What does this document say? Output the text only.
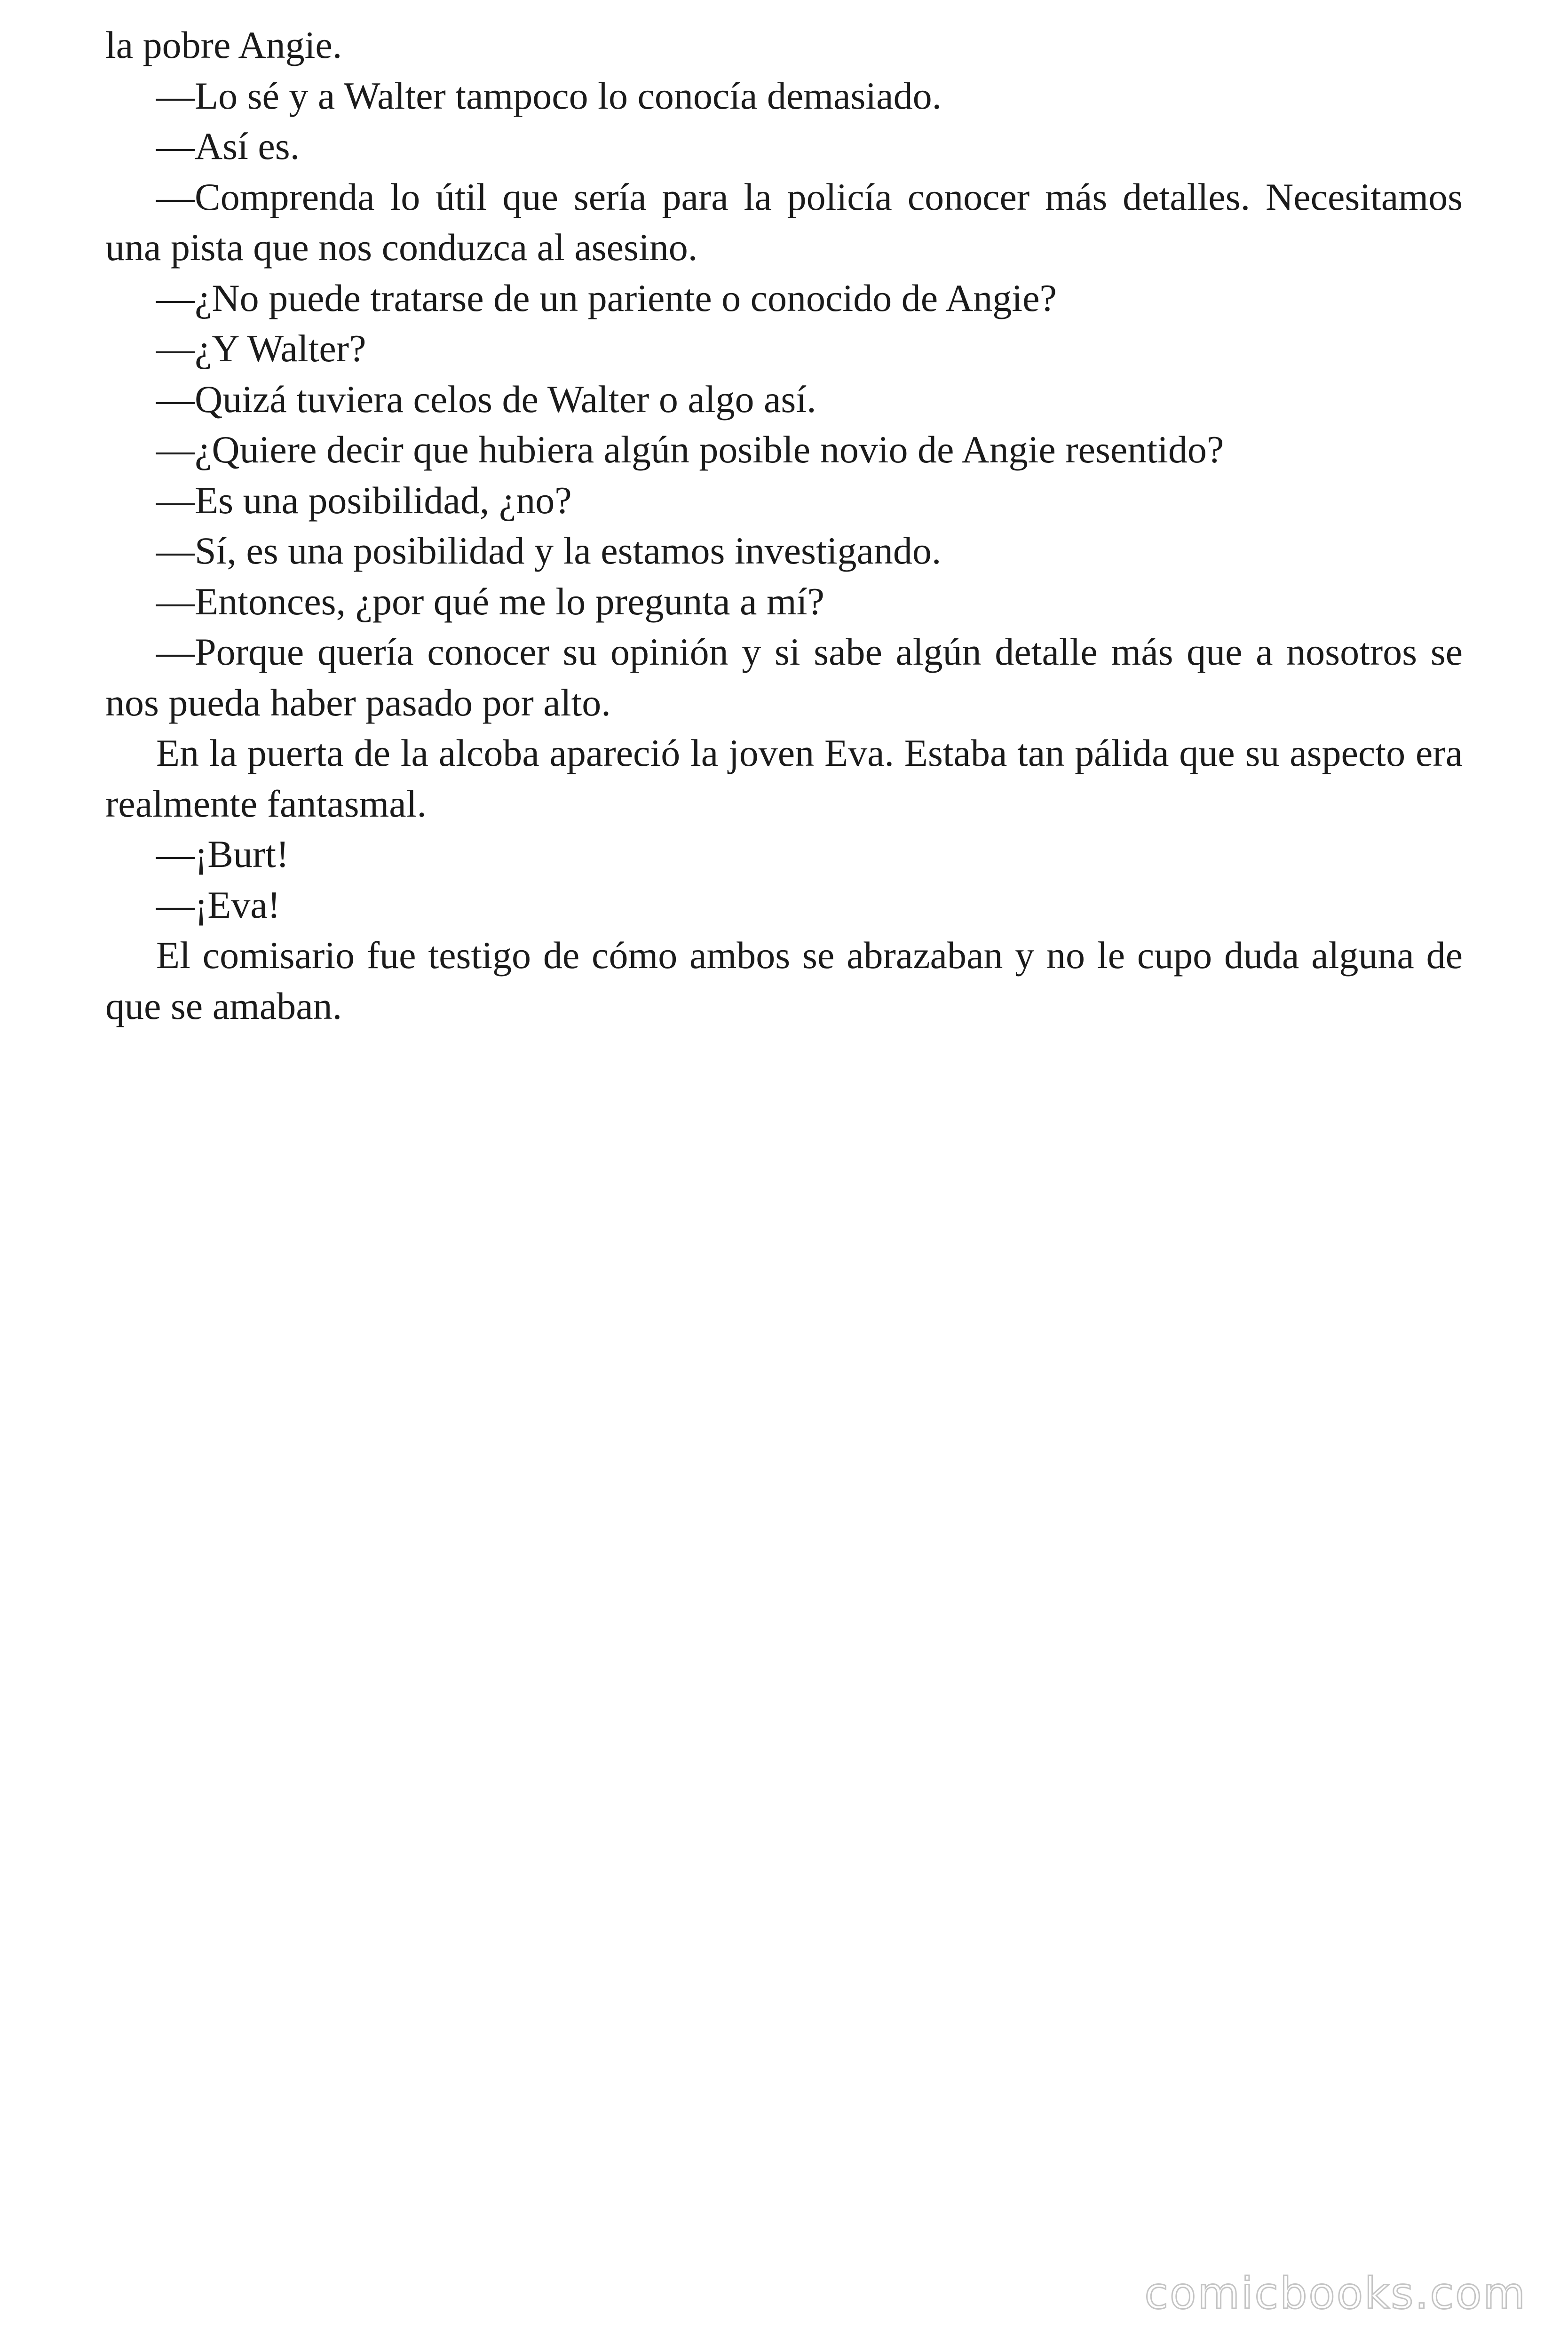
la pobre Angie.

—Lo sé y a Walter tampoco lo conocía demasiado.

—Así es.

—Comprenda lo útil que sería para la policía conocer más detalles. Necesitamos una pista que nos conduzca al asesino.

—¿No puede tratarse de un pariente o conocido de Angie?

—¿Y Walter?

—Quizá tuviera celos de Walter o algo así.

—¿Quiere decir que hubiera algún posible novio de Angie resentido?

—Es una posibilidad, ¿no?

—Sí, es una posibilidad y la estamos investigando.

—Entonces, ¿por qué me lo pregunta a mí?

—Porque quería conocer su opinión y si sabe algún detalle más que a nosotros se nos pueda haber pasado por alto.

En la puerta de la alcoba apareció la joven Eva. Estaba tan pálida que su aspecto era realmente fantasmal.

—¡Burt!

—¡Eva!

El comisario fue testigo de cómo ambos se abrazaban y no le cupo duda alguna de que se amaban.

comicbooks.com
